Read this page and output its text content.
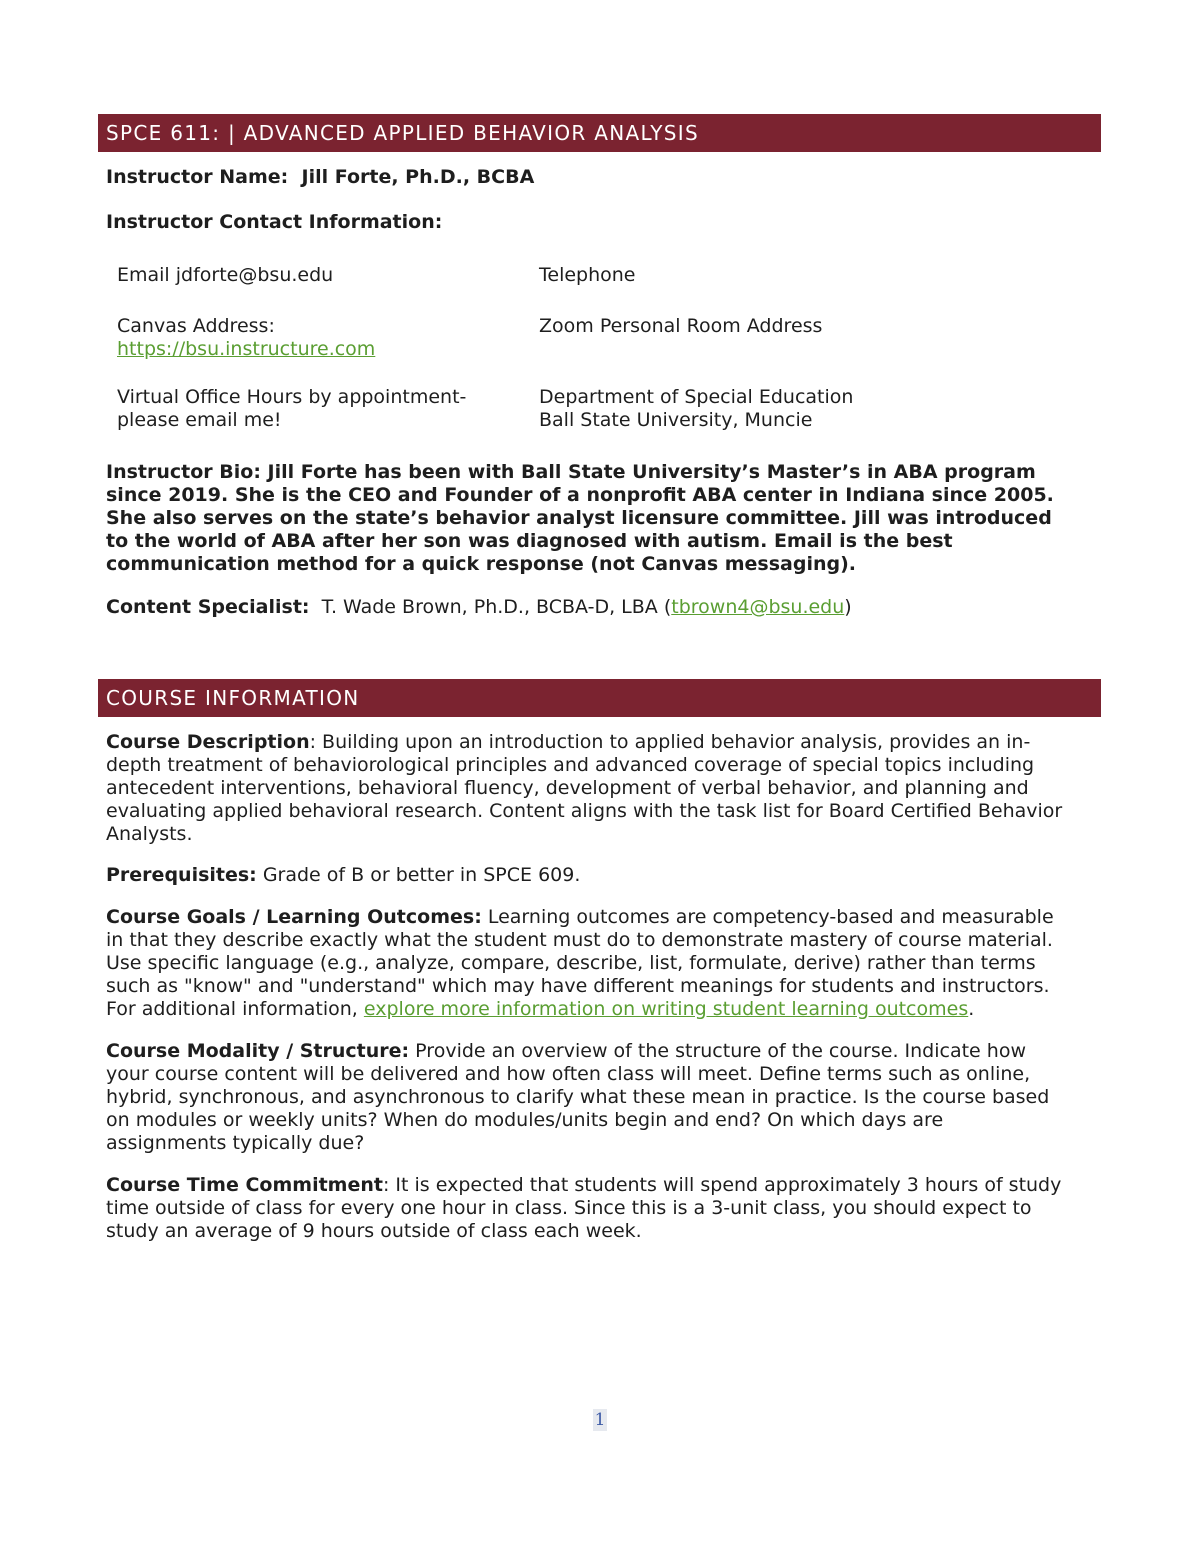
SPCE 611: | ADVANCED APPLIED BEHAVIOR ANALYSIS
Instructor Name: Jill Forte, Ph.D., BCBA
Instructor Contact Information:
Email jdforte@bsu.edu	Telephone
Canvas Address:
https://bsu.instructure.com
Zoom Personal Room Address
Virtual Office Hours by appointment-
please email me!
Department of Special Education
Ball State University, Muncie
Instructor Bio: Jill Forte has been with Ball State University’s Master’s in ABA program
since 2019. She is the CEO and Founder of a nonprofit ABA center in Indiana since 2005.
She also serves on the state’s behavior analyst licensure committee. Jill was introduced
to the world of ABA after her son was diagnosed with autism. Email is the best
communication method for a quick response (not Canvas messaging).
Content Specialist: T. Wade Brown, Ph.D., BCBA-D, LBA (tbrown4@bsu.edu)
COURSE INFORMATION
Course Description: Building upon an introduction to applied behavior analysis, provides an in-
depth treatment of behaviorological principles and advanced coverage of special topics including
antecedent interventions, behavioral fluency, development of verbal behavior, and planning and
evaluating applied behavioral research. Content aligns with the task list for Board Certified Behavior
Analysts.
Prerequisites: Grade of B or better in SPCE 609.
Course Goals / Learning Outcomes: Learning outcomes are competency-based and measurable
in that they describe exactly what the student must do to demonstrate mastery of course material.
Use specific language (e.g., analyze, compare, describe, list, formulate, derive) rather than terms
such as "know" and "understand" which may have different meanings for students and instructors.
For additional information, explore more information on writing student learning outcomes.
Course Modality / Structure: Provide an overview of the structure of the course. Indicate how
your course content will be delivered and how often class will meet. Define terms such as online,
hybrid, synchronous, and asynchronous to clarify what these mean in practice. Is the course based
on modules or weekly units? When do modules/units begin and end? On which days are
assignments typically due?
Course Time Commitment: It is expected that students will spend approximately 3 hours of study
time outside of class for every one hour in class. Since this is a 3-unit class, you should expect to
study an average of 9 hours outside of class each week.
1
